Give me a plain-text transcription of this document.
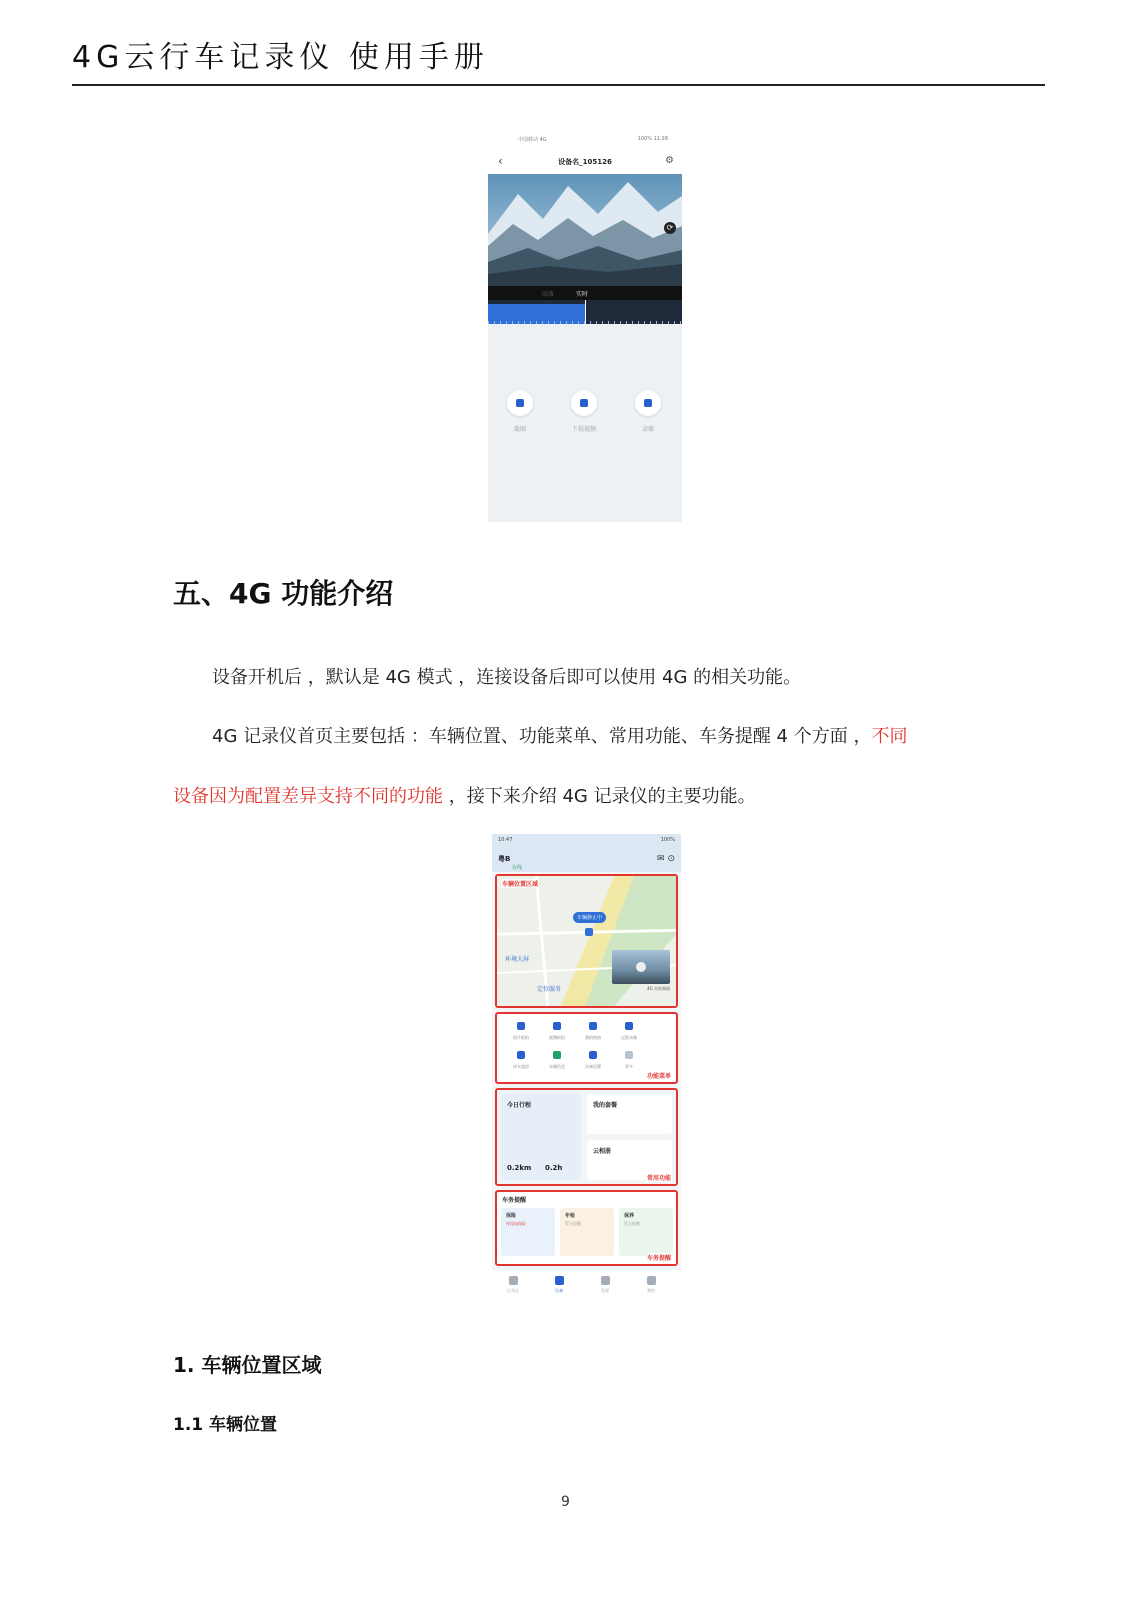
4G云行车记录仪 使用手册
中国移动 4G	100% 11:28
‹	设备名_105126	⚙
⟳
回放	实时
截图	下载视频	录像
五、4G 功能介绍
设备开机后 ，默认是 4G 模式 ，连接设备后即可以使用 4G 的相关功能。
4G 记录仪首页主要包括 ：车辆位置、功能菜单、常用功能、车务提醒 4 个方面 ，不同
设备因为配置差异支持不同的功能 ，接下来介绍 4G 记录仪的主要功能。
10:47	100%
粤B
在线
✉ ⊙
车辆位置区域
车辆静止中
环境大屏
定位服务	4G 实时画面
图片抓拍	视频抓拍	我的相册	远程录像

停车监控	车辆信息	设备设置	更多
功能菜单
今日行程
0.2km 0.2h
我的套餐
云相册
常用功能
车务提醒
保险
待添加保险
年检
暂无提醒
保养
暂无提醒
车务提醒
记录仪	设备	发现	我的
1. 车辆位置区域
1.1 车辆位置
9
